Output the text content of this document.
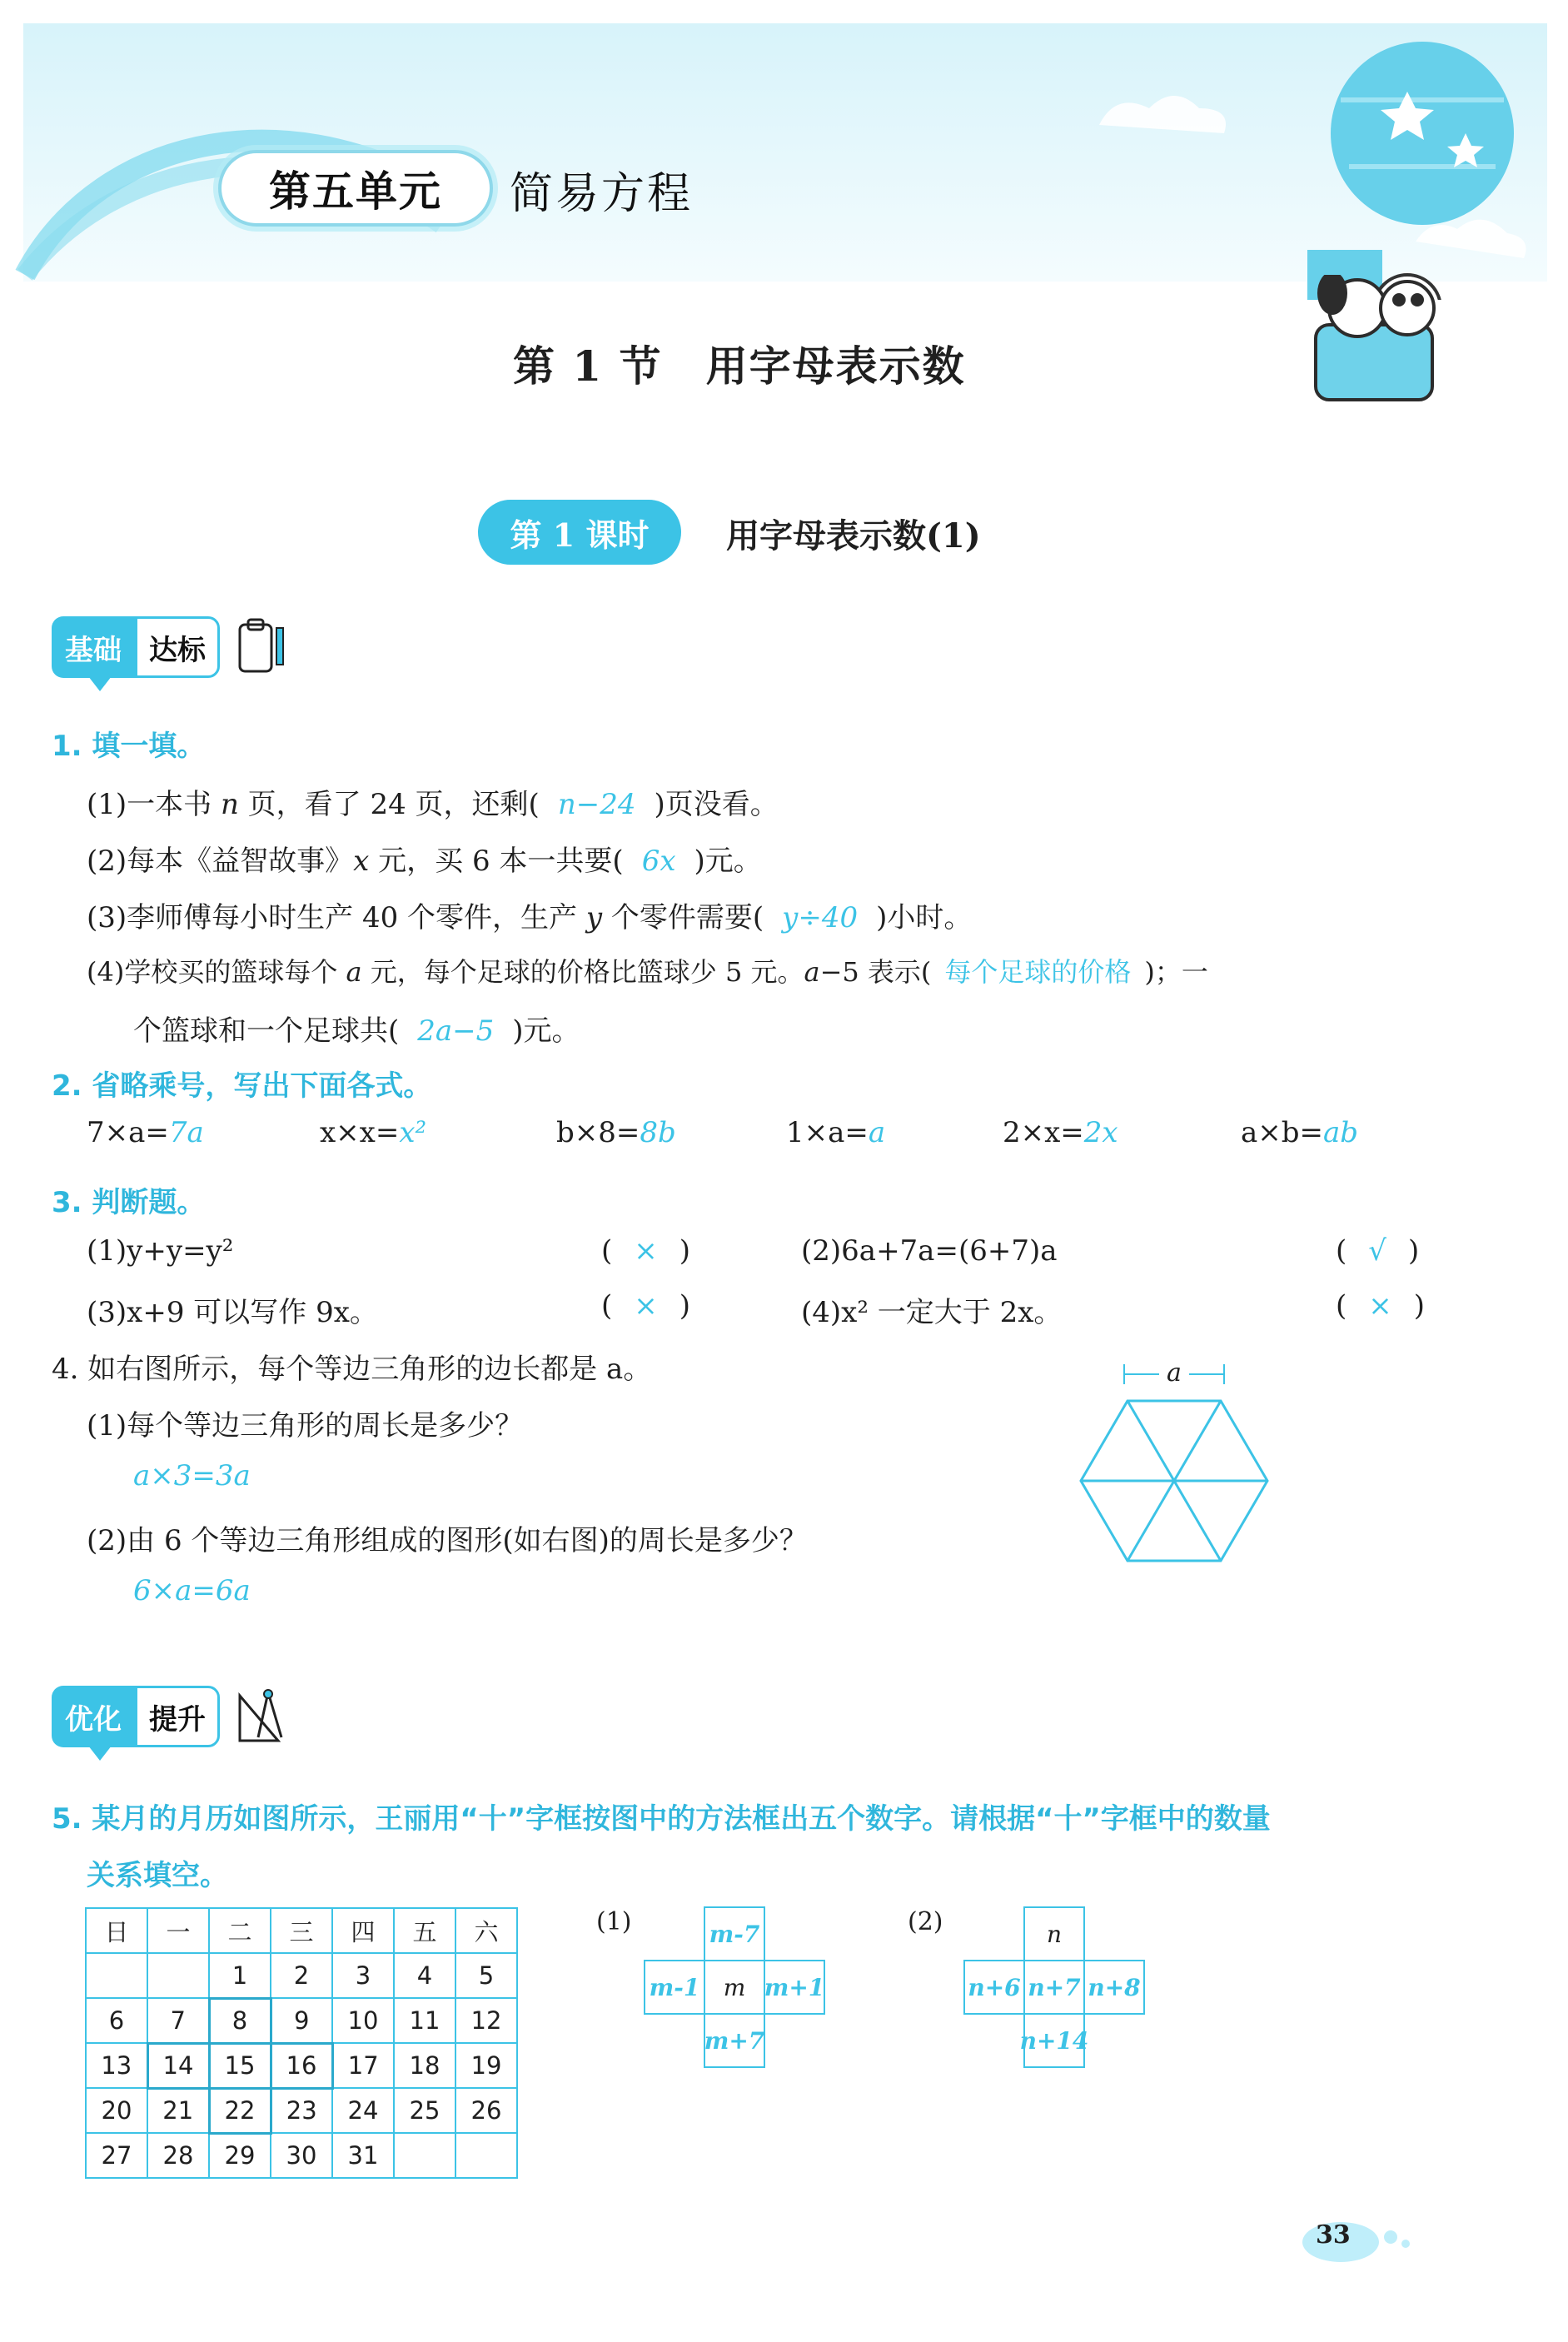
第五单元 简易方程
第 1 节　用字母表示数
第 1 课时 用字母表示数(1)
基础 达标
1. 填一填。
(1)一本书 n 页，看了 24 页，还剩( n−24 )页没看。
(2)每本《益智故事》x 元，买 6 本一共要( 6x )元。
(3)李师傅每小时生产 40 个零件，生产 y 个零件需要( y÷40 )小时。
(4)学校买的篮球每个 a 元，每个足球的价格比篮球少 5 元。a−5 表示( 每个足球的价格 )；一
个篮球和一个足球共( 2a−5 )元。
2. 省略乘号，写出下面各式。
7×a=7a	x×x=x²	b×8=8b	1×a=a	2×x=2x	a×b=ab
3. 判断题。
(1)y+y=y²	( × )	(2)6a+7a=(6+7)a	( √ )
(3)x+9 可以写作 9x。	( × )	(4)x² 一定大于 2x。	( × )
4. 如右图所示，每个等边三角形的边长都是 a。
(1)每个等边三角形的周长是多少？
a×3=3a
(2)由 6 个等边三角形组成的图形(如右图)的周长是多少？
6×a=6a
a
优化 提升
5. 某月的月历如图所示，王丽用“十”字框按图中的方法框出五个数字。请根据“十”字框中的数量
关系填空。
日	一	二	三	四	五	六
		1	2	3	4	5
6	7	8	9	10	11	12
13	14	15	16	17	18	19
20	21	22	23	24	25	26
27	28	29	30	31		
(1)	m-7
m-1 m m+1
m+7
(2)	n
n+6 n+7 n+8
n+14
33
